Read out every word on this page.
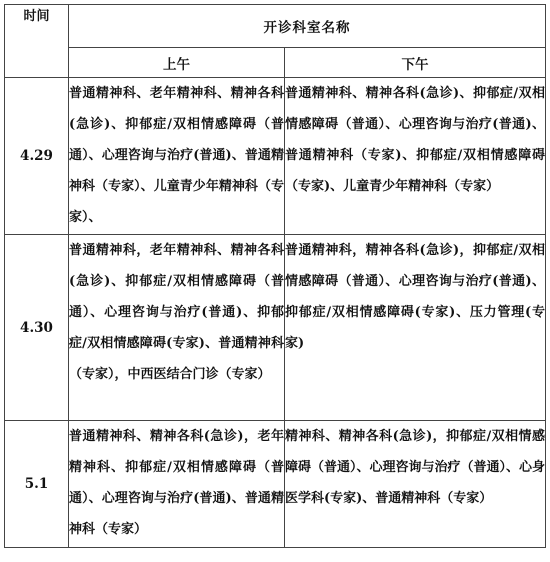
时间	开诊科室名称	
	上午	下午
4.29	普通精神科、老年精神科、精神各科(急诊)、抑郁症/双相情感障碍（普通）、心理咨询与治疗(普通)、普通精神科（专家）、儿童青少年精神科（专家）、	普通精神科、精神各科(急诊)、抑郁症/双相情感障碍（普通）、心理咨询与治疗(普通)、普通精神科（专家)、抑郁症/双相情感障碍（专家)、儿童青少年精神科（专家）
4.30	普通精神科，老年精神科、精神各科(急诊)、抑郁症/双相情感障碍（普通）、心理咨询与治疗(普通)、抑郁症/双相情感障碍(专家)、普通精神科（专家），中西医结合门诊（专家）	普通精神科，精神各科(急诊)，抑郁症/双相情感障碍（普通）、心理咨询与治疗(普通)、抑郁症/双相情感障碍(专家)、压力管理(专家)
5.1	普通精神科、精神各科(急诊)，老年精神科、抑郁症/双相情感障碍（普通）、心理咨询与治疗(普通)、普通精神科（专家）	精神科、精神各科(急诊)，抑郁症/双相情感障碍（普通）、心理咨询与治疗（普通）、心身医学科(专家)、普通精神科（专家）
